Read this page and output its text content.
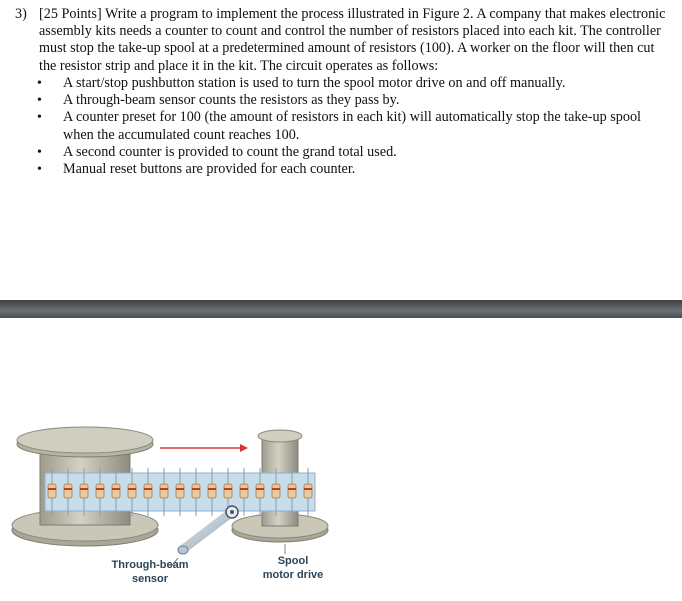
3) [25 Points] Write a program to implement the process illustrated in Figure 2. A company that makes electronic assembly kits needs a counter to count and control the number of resistors placed into each kit. The controller must stop the take-up spool at a predetermined amount of resistors (100). A worker on the floor will then cut the resistor strip and place it in the kit. The circuit operates as follows:
• A start/stop pushbutton station is used to turn the spool motor drive on and off manually.
• A through-beam sensor counts the resistors as they pass by.
• A counter preset for 100 (the amount of resistors in each kit) will automatically stop the take-up spool when the accumulated count reaches 100.
• A second counter is provided to count the grand total used.
• Manual reset buttons are provided for each counter.
Through-beam
sensor
Spool
motor drive
